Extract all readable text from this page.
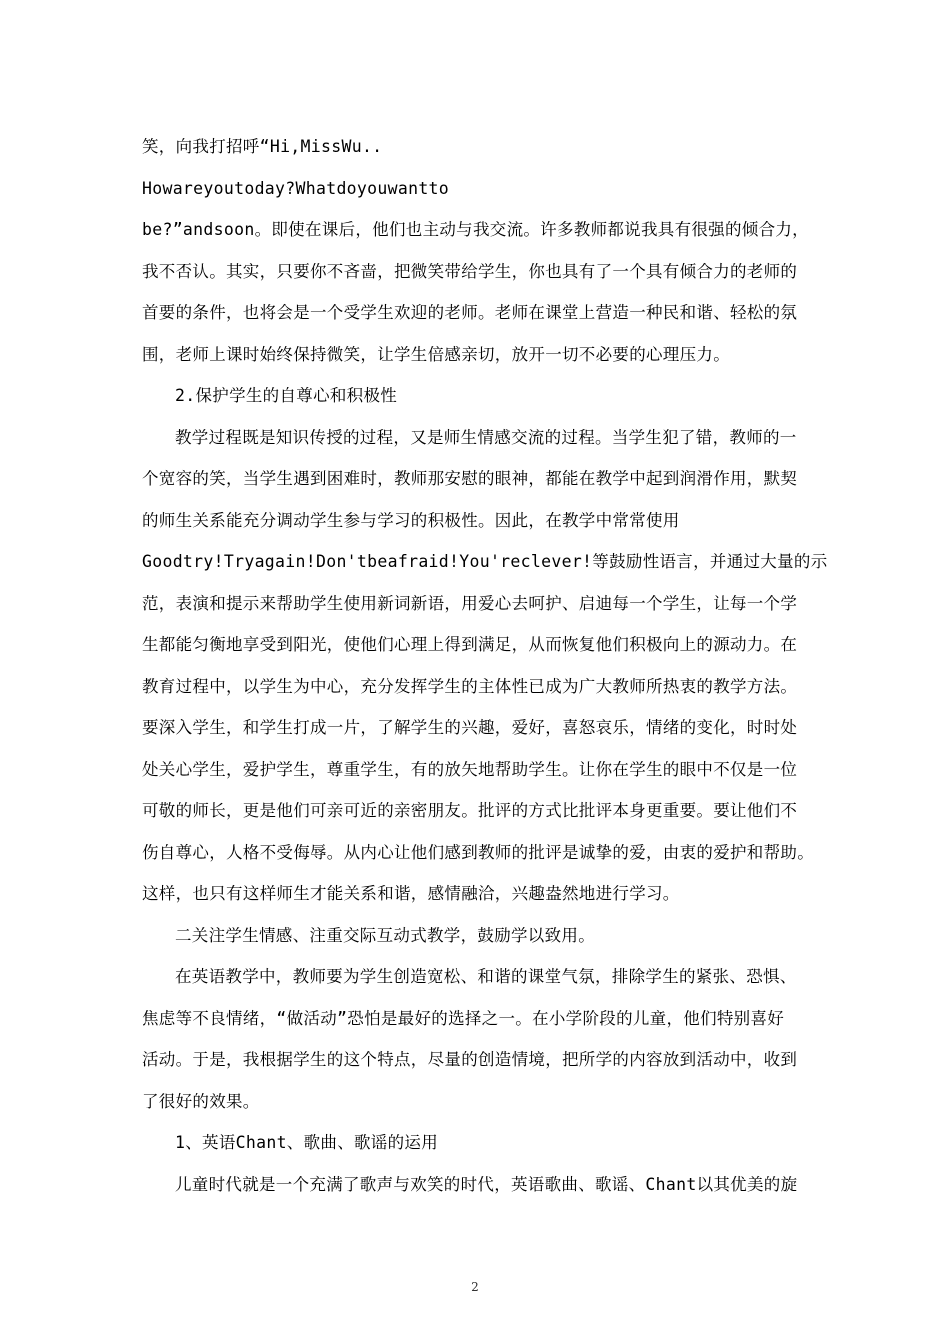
笑，向我打招呼“Hi,MissWu..
Howareyoutoday?Whatdoyouwantto
be?”andsoon。即使在课后，他们也主动与我交流。许多教师都说我具有很强的倾合力，
我不否认。其实，只要你不吝啬，把微笑带给学生，你也具有了一个具有倾合力的老师的
首要的条件，也将会是一个受学生欢迎的老师。老师在课堂上营造一种民和谐、轻松的氛
围，老师上课时始终保持微笑，让学生倍感亲切，放开一切不必要的心理压力。
2.保护学生的自尊心和积极性
教学过程既是知识传授的过程，又是师生情感交流的过程。当学生犯了错，教师的一
个宽容的笑，当学生遇到困难时，教师那安慰的眼神，都能在教学中起到润滑作用，默契
的师生关系能充分调动学生参与学习的积极性。因此，在教学中常常使用
Goodtry!Tryagain!Don'tbeafraid!You'reclever!等鼓励性语言，并通过大量的示
范，表演和提示来帮助学生使用新词新语，用爱心去呵护、启迪每一个学生，让每一个学
生都能匀衡地享受到阳光，使他们心理上得到满足，从而恢复他们积极向上的源动力。在
教育过程中，以学生为中心，充分发挥学生的主体性已成为广大教师所热衷的教学方法。
要深入学生，和学生打成一片，了解学生的兴趣，爱好，喜怒哀乐，情绪的变化，时时处
处关心学生，爱护学生，尊重学生，有的放矢地帮助学生。让你在学生的眼中不仅是一位
可敬的师长，更是他们可亲可近的亲密朋友。批评的方式比批评本身更重要。要让他们不
伤自尊心，人格不受侮辱。从内心让他们感到教师的批评是诚挚的爱，由衷的爱护和帮助。
这样，也只有这样师生才能关系和谐，感情融洽，兴趣盎然地进行学习。
二关注学生情感、注重交际互动式教学，鼓励学以致用。
在英语教学中，教师要为学生创造宽松、和谐的课堂气氛，排除学生的紧张、恐惧、
焦虑等不良情绪，“做活动”恐怕是最好的选择之一。在小学阶段的儿童，他们特别喜好
活动。于是，我根据学生的这个特点，尽量的创造情境，把所学的内容放到活动中，收到
了很好的效果。
1、英语Chant、歌曲、歌谣的运用
儿童时代就是一个充满了歌声与欢笑的时代，英语歌曲、歌谣、Chant以其优美的旋
2
